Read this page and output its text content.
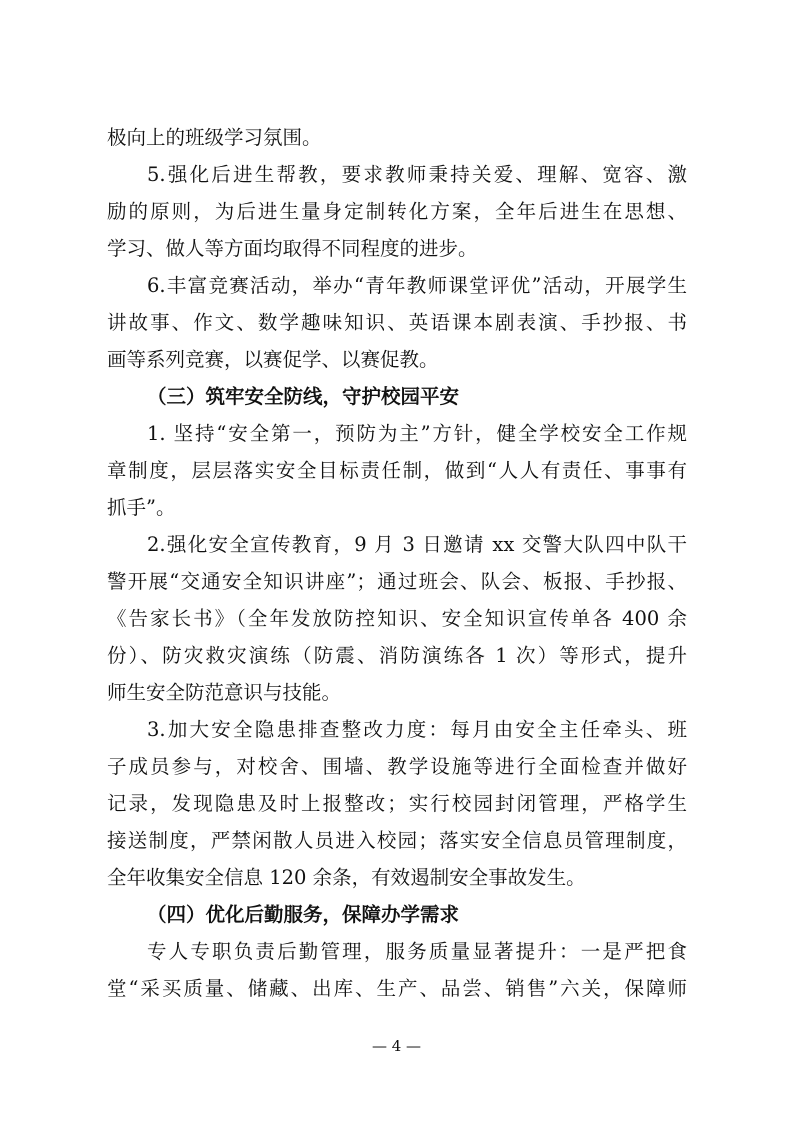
极向上的班级学习氛围。
5.强化后进生帮教，要求教师秉持关爱、理解、宽容、激
励的原则，为后进生量身定制转化方案，全年后进生在思想、
学习、做人等方面均取得不同程度的进步。
6.丰富竞赛活动，举办“青年教师课堂评优”活动，开展学生
讲故事、作文、数学趣味知识、英语课本剧表演、手抄报、书
画等系列竞赛，以赛促学、以赛促教。
（三）筑牢安全防线，守护校园平安
1. 坚持“安全第一，预防为主”方针，健全学校安全工作规
章制度，层层落实安全目标责任制，做到“人人有责任、事事有
抓手”。
2.强化安全宣传教育，9 月 3 日邀请 xx 交警大队四中队干
警开展“交通安全知识讲座”；通过班会、队会、板报、手抄报、
《告家长书》（全年发放防控知识、安全知识宣传单各 400 余
份）、防灾救灾演练（防震、消防演练各 1 次）等形式，提升
师生安全防范意识与技能。
3.加大安全隐患排查整改力度：每月由安全主任牵头、班
子成员参与，对校舍、围墙、教学设施等进行全面检查并做好
记录，发现隐患及时上报整改；实行校园封闭管理，严格学生
接送制度，严禁闲散人员进入校园；落实安全信息员管理制度，
全年收集安全信息 120 余条，有效遏制安全事故发生。
（四）优化后勤服务，保障办学需求
专人专职负责后勤管理，服务质量显著提升：一是严把食
堂“采买质量、储藏、出库、生产、品尝、销售”六关，保障师
— 4 —
